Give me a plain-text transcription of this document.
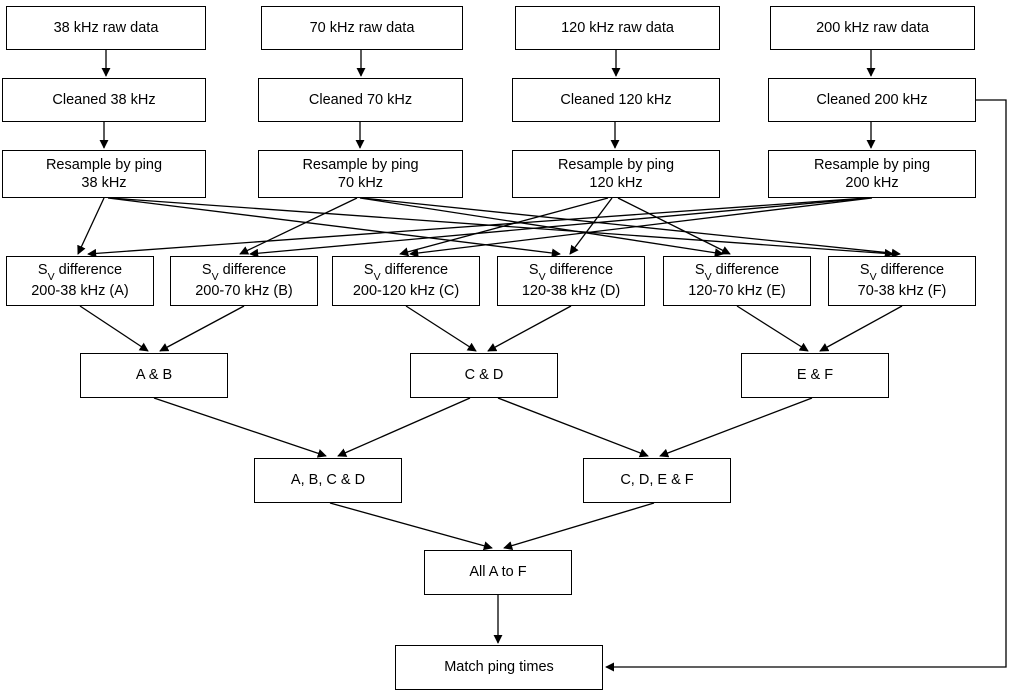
38 kHz raw data	70 kHz raw data	120 kHz raw data	200 kHz raw data
Cleaned 38 kHz	Cleaned 70 kHz	Cleaned 120 kHz	Cleaned 200 kHz
Resample by ping
38 kHz
Resample by ping
70 kHz
Resample by ping
120 kHz
Resample by ping
200 kHz
$S_V$ difference
200-38 kHz (A)
$S_V$ difference
200-70 kHz (B)
$S_V$ difference
200-120 kHz (C)
$S_V$ difference
120-38 kHz (D)
$S_V$ difference
120-70 kHz (E)
$S_V$ difference
70-38 kHz (F)
A & B	C & D	E & F
A, B, C & D	C, D, E & F
All A to F
Match ping times
